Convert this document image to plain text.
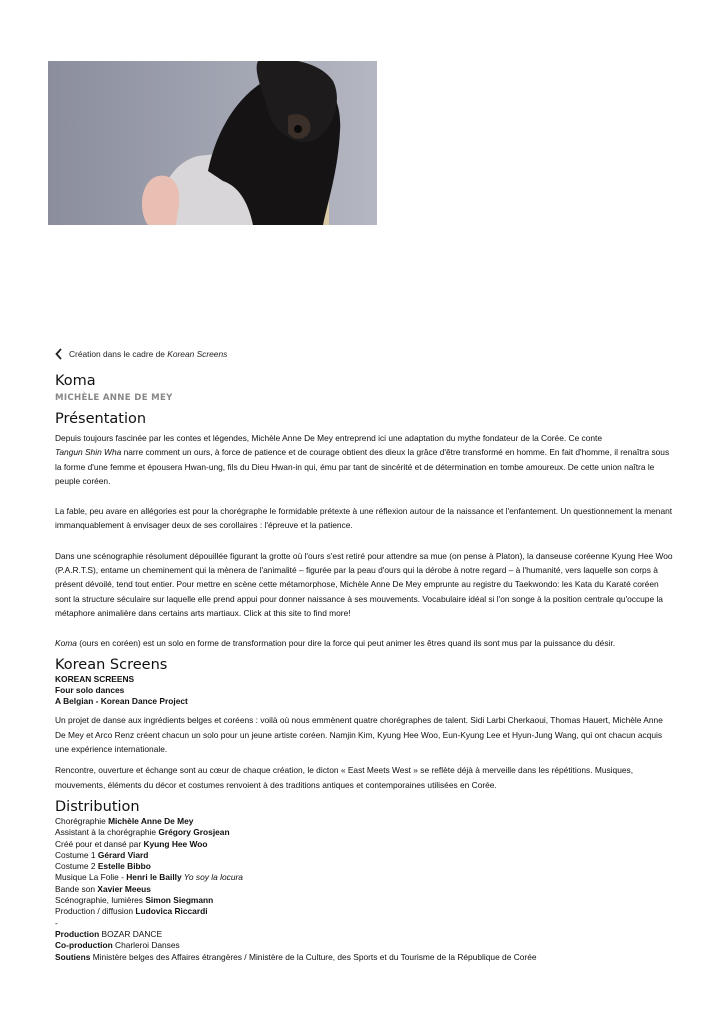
Création dans le cadre de Korean Screens
Koma
MICHÈLE ANNE DE MEY
Présentation

Depuis toujours fascinée par les contes et légendes, Michèle Anne De Mey entreprend ici une adaptation du mythe fondateur de la Corée. Ce conte
Tangun Shin Wha narre comment un ours, à force de patience et de courage obtient des dieux la grâce d'être transformé en homme. En fait d'homme, il renaîtra sous la forme d'une femme et épousera Hwan-ung, fils du Dieu Hwan-in qui, ému par tant de sincérité et de détermination en tombe amoureux. De cette union naîtra le peuple coréen.

La fable, peu avare en allégories est pour la chorégraphe le formidable prétexte à une réflexion autour de la naissance et l'enfantement. Un questionnement la menant immanquablement à envisager deux de ses corollaires : l'épreuve et la patience.

Dans une scénographie résolument dépouillée figurant la grotte où l'ours s'est retiré pour attendre sa mue (on pense à Platon), la danseuse coréenne Kyung Hee Woo (P.A.R.T.S), entame un cheminement qui la mènera de l'animalité – figurée par la peau d'ours qui la dérobe à notre regard – à l'humanité, vers laquelle son corps à présent dévoilé, tend tout entier. Pour mettre en scène cette métamorphose, Michèle Anne De Mey emprunte au registre du Taekwondo: les Kata du Karaté coréen sont la structure séculaire sur laquelle elle prend appui pour donner naissance à ses mouvements. Vocabulaire idéal si l'on songe à la position centrale qu'occupe la métaphore animalière dans certains arts martiaux. Click at this site to find more!

Koma (ours en coréen) est un solo en forme de transformation pour dire la force qui peut animer les êtres quand ils sont mus par la puissance du désir.

Korean Screens
KOREAN SCREENS
Four solo dances
A Belgian - Korean Dance Project

Un projet de danse aux ingrédients belges et coréens : voilà où nous emmènent quatre chorégraphes de talent. Sidi Larbi Cherkaoui, Thomas Hauert, Michèle Anne De Mey et Arco Renz créent chacun un solo pour un jeune artiste coréen. Namjin Kim, Kyung Hee Woo, Eun-Kyung Lee et Hyun-Jung Wang, qui ont chacun acquis une expérience internationale.

Rencontre, ouverture et échange sont au cœur de chaque création, le dicton « East Meets West » se reflète déjà à merveille dans les répétitions. Musiques, mouvements, éléments du décor et costumes renvoient à des traditions antiques et contemporaines utilisées en Corée.

Distribution
Chorégraphie Michèle Anne De Mey
Assistant à la chorégraphie Grégory Grosjean
Créé pour et dansé par Kyung Hee Woo
Costume 1 Gérard Viard
Costume 2 Estelle Bibbo
Musique La Folie - Henri le Bailly Yo soy la locura
Bande son Xavier Meeus
Scénographie, lumières Simon Siegmann
Production / diffusion Ludovica Riccardi
-
Production BOZAR DANCE
Co-production Charleroi Danses
Soutiens Ministère belges des Affaires étrangères / Ministère de la Culture, des Sports et du Tourisme de la République de Corée
